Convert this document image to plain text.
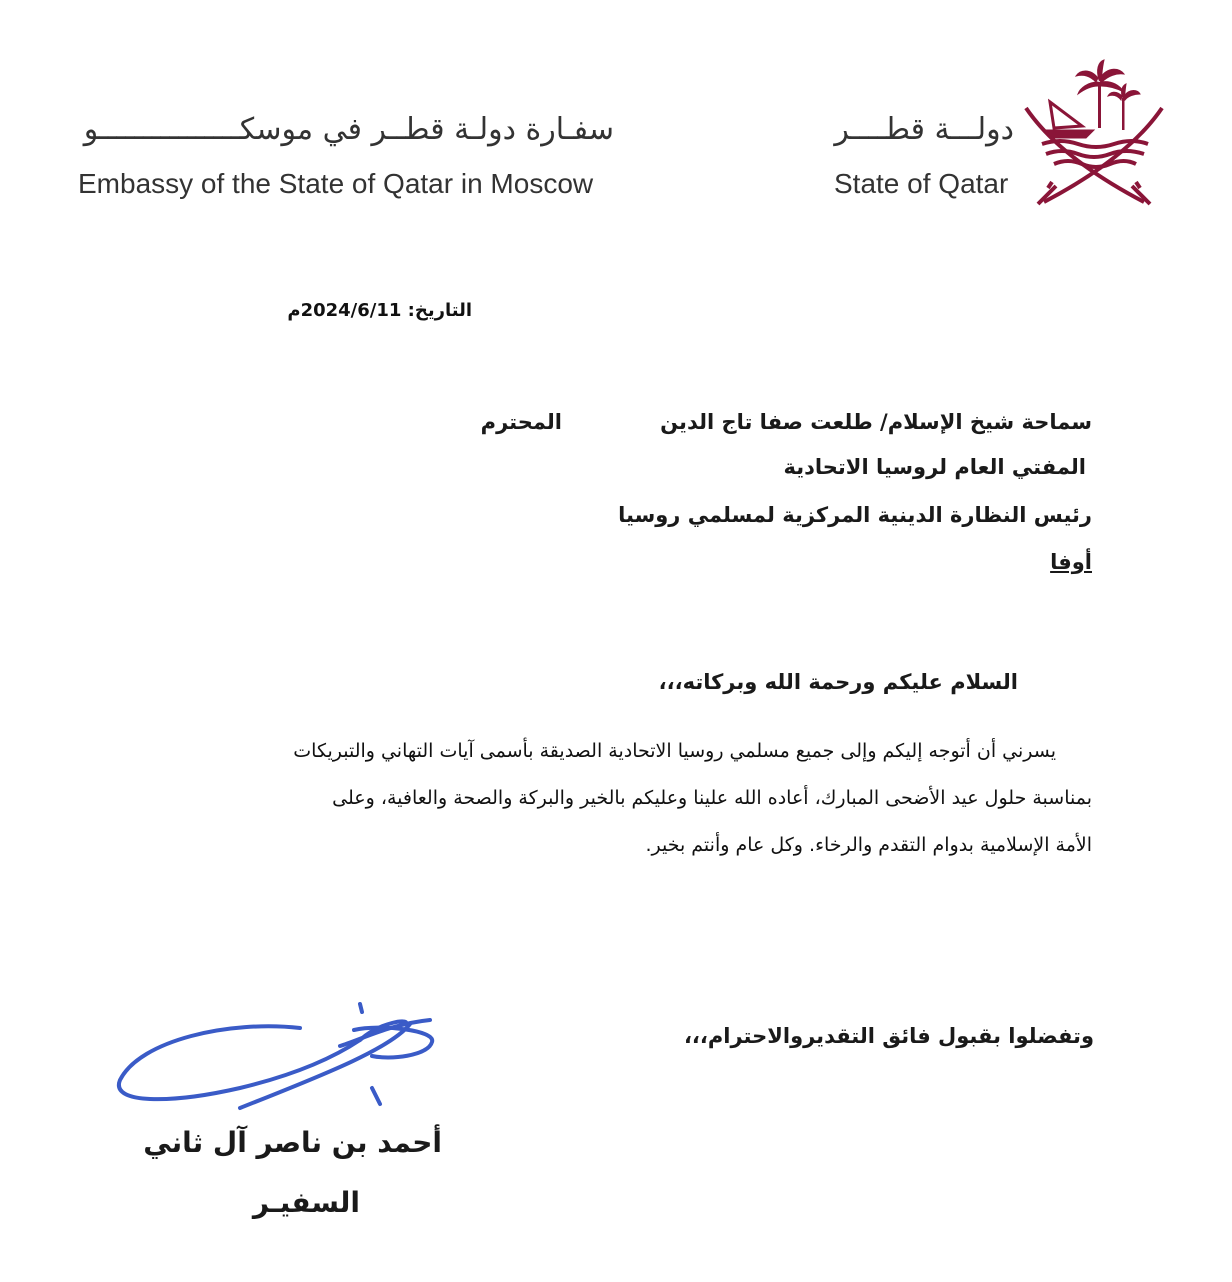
دولـــة قطــــر
State of Qatar
سفـارة دولـة قطــر في موسكــــــــــــــــو
Embassy of the State of Qatar in Moscow
التاريخ: 2024/6/11م
سماحة شيخ الإسلام/ طلعت صفا تاج الدين
المحترم
المفتي العام لروسيا الاتحادية
رئيس النظارة الدينية المركزية لمسلمي روسيا
أوفا
السلام عليكم ورحمة الله وبركاته،،،
يسرني أن أتوجه إليكم وإلى جميع مسلمي روسيا الاتحادية الصديقة بأسمى آيات التهاني والتبريكات
بمناسبة حلول عيد الأضحى المبارك، أعاده الله علينا وعليكم بالخير والبركة والصحة والعافية، وعلى
الأمة الإسلامية بدوام التقدم والرخاء. وكل عام وأنتم بخير.
وتفضلوا بقبول فائق التقديروالاحترام،،،
أحمد بن ناصر آل ثاني
السفيـر
